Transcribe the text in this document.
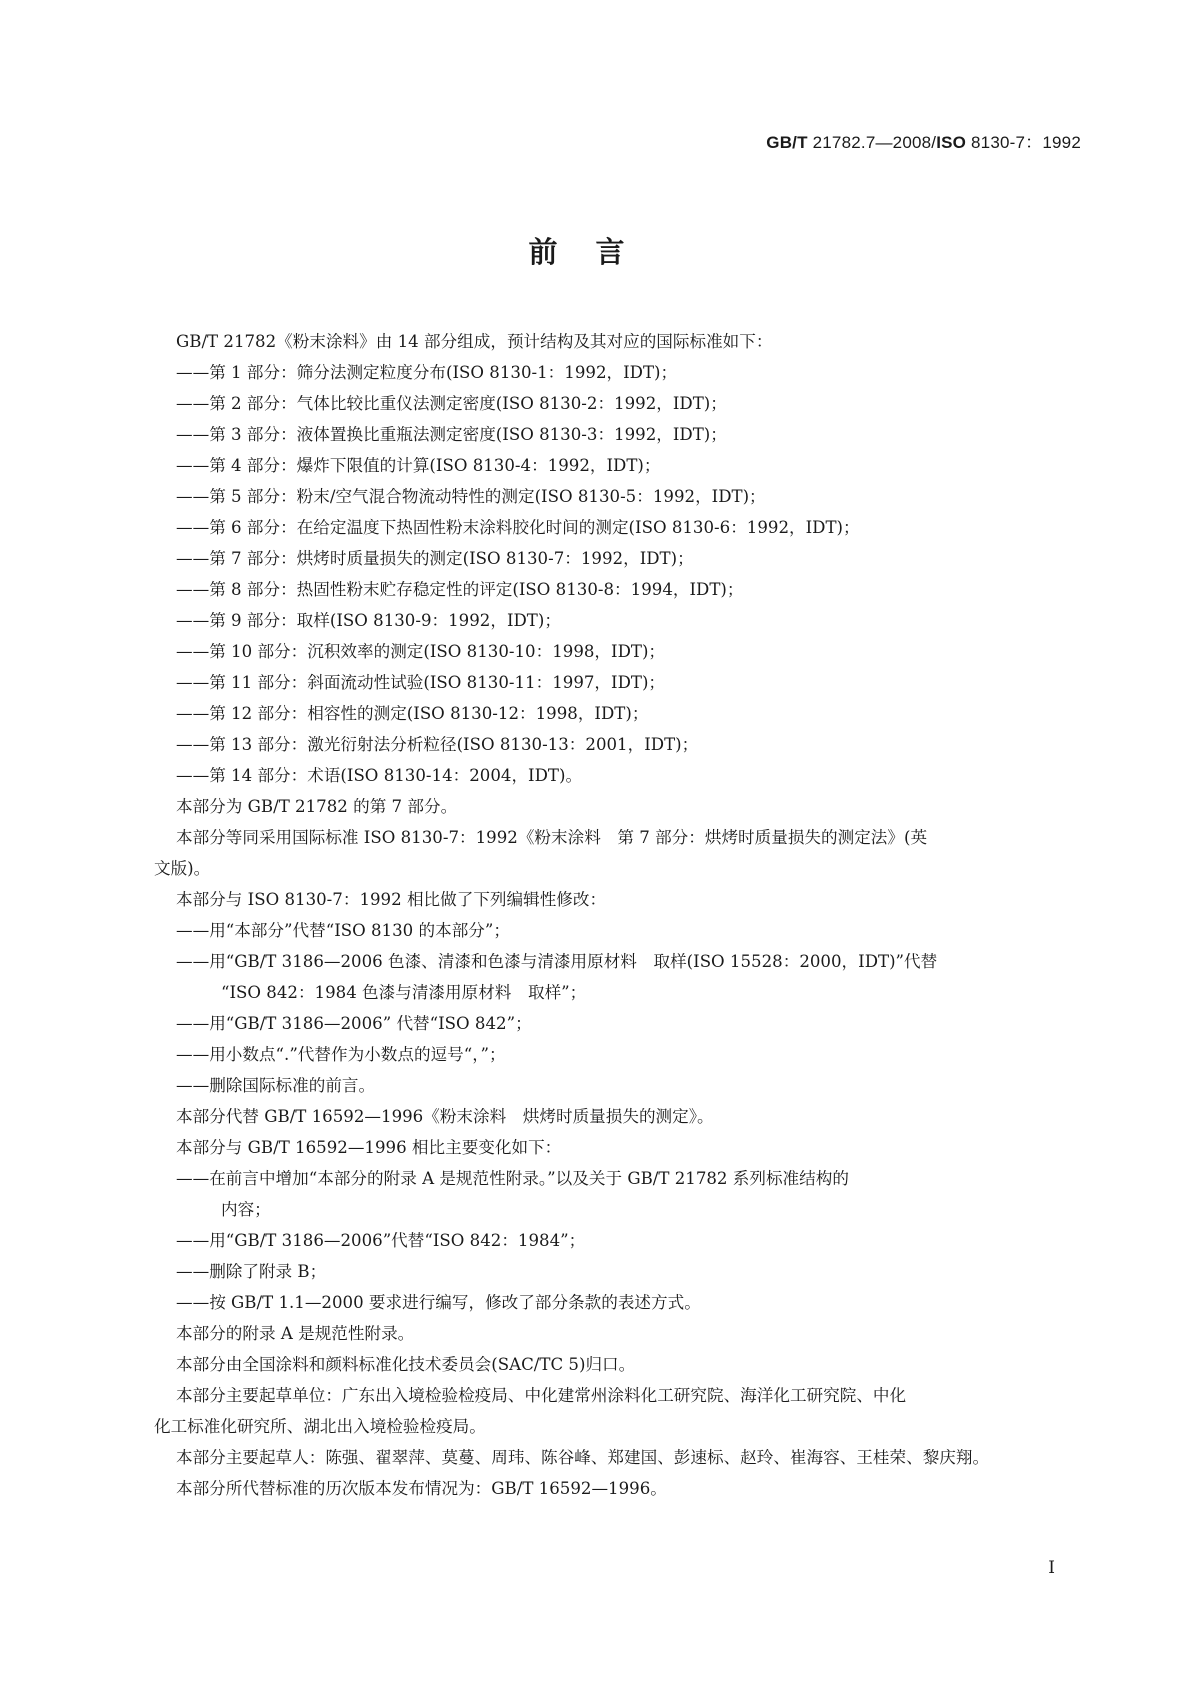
GB/T 21782.7—2008/ISO 8130-7：1992
前言
GB/T 21782《粉末涂料》由 14 部分组成，预计结构及其对应的国际标准如下：
——第 1 部分：筛分法测定粒度分布(ISO 8130-1：1992，IDT)；
——第 2 部分：气体比较比重仪法测定密度(ISO 8130-2：1992，IDT)；
——第 3 部分：液体置换比重瓶法测定密度(ISO 8130-3：1992，IDT)；
——第 4 部分：爆炸下限值的计算(ISO 8130-4：1992，IDT)；
——第 5 部分：粉末/空气混合物流动特性的测定(ISO 8130-5：1992，IDT)；
——第 6 部分：在给定温度下热固性粉末涂料胶化时间的测定(ISO 8130-6：1992，IDT)；
——第 7 部分：烘烤时质量损失的测定(ISO 8130-7：1992，IDT)；
——第 8 部分：热固性粉末贮存稳定性的评定(ISO 8130-8：1994，IDT)；
——第 9 部分：取样(ISO 8130-9：1992，IDT)；
——第 10 部分：沉积效率的测定(ISO 8130-10：1998，IDT)；
——第 11 部分：斜面流动性试验(ISO 8130-11：1997，IDT)；
——第 12 部分：相容性的测定(ISO 8130-12：1998，IDT)；
——第 13 部分：激光衍射法分析粒径(ISO 8130-13：2001，IDT)；
——第 14 部分：术语(ISO 8130-14：2004，IDT)。
本部分为 GB/T 21782 的第 7 部分。
本部分等同采用国际标准 ISO 8130-7：1992《粉末涂料　第 7 部分：烘烤时质量损失的测定法》(英
文版)。
本部分与 ISO 8130-7：1992 相比做了下列编辑性修改：
——用“本部分”代替“ISO 8130 的本部分”；
——用“GB/T 3186—2006 色漆、清漆和色漆与清漆用原材料　取样(ISO 15528：2000，IDT)”代替
“ISO 842：1984 色漆与清漆用原材料　取样”；
——用“GB/T 3186—2006” 代替“ISO 842”；
——用小数点“.”代替作为小数点的逗号“，”；
——删除国际标准的前言。
本部分代替 GB/T 16592—1996《粉末涂料　烘烤时质量损失的测定》。
本部分与 GB/T 16592—1996 相比主要变化如下：
——在前言中增加“本部分的附录 A 是规范性附录。”以及关于 GB/T 21782 系列标准结构的
内容；
——用“GB/T 3186—2006”代替“ISO 842：1984”；
——删除了附录 B；
——按 GB/T 1.1—2000 要求进行编写，修改了部分条款的表述方式。
本部分的附录 A 是规范性附录。
本部分由全国涂料和颜料标准化技术委员会(SAC/TC 5)归口。
本部分主要起草单位：广东出入境检验检疫局、中化建常州涂料化工研究院、海洋化工研究院、中化
化工标准化研究所、湖北出入境检验检疫局。
本部分主要起草人：陈强、翟翠萍、莫蔓、周玮、陈谷峰、郑建国、彭速标、赵玲、崔海容、王桂荣、黎庆翔。
本部分所代替标准的历次版本发布情况为：GB/T 16592—1996。
I
